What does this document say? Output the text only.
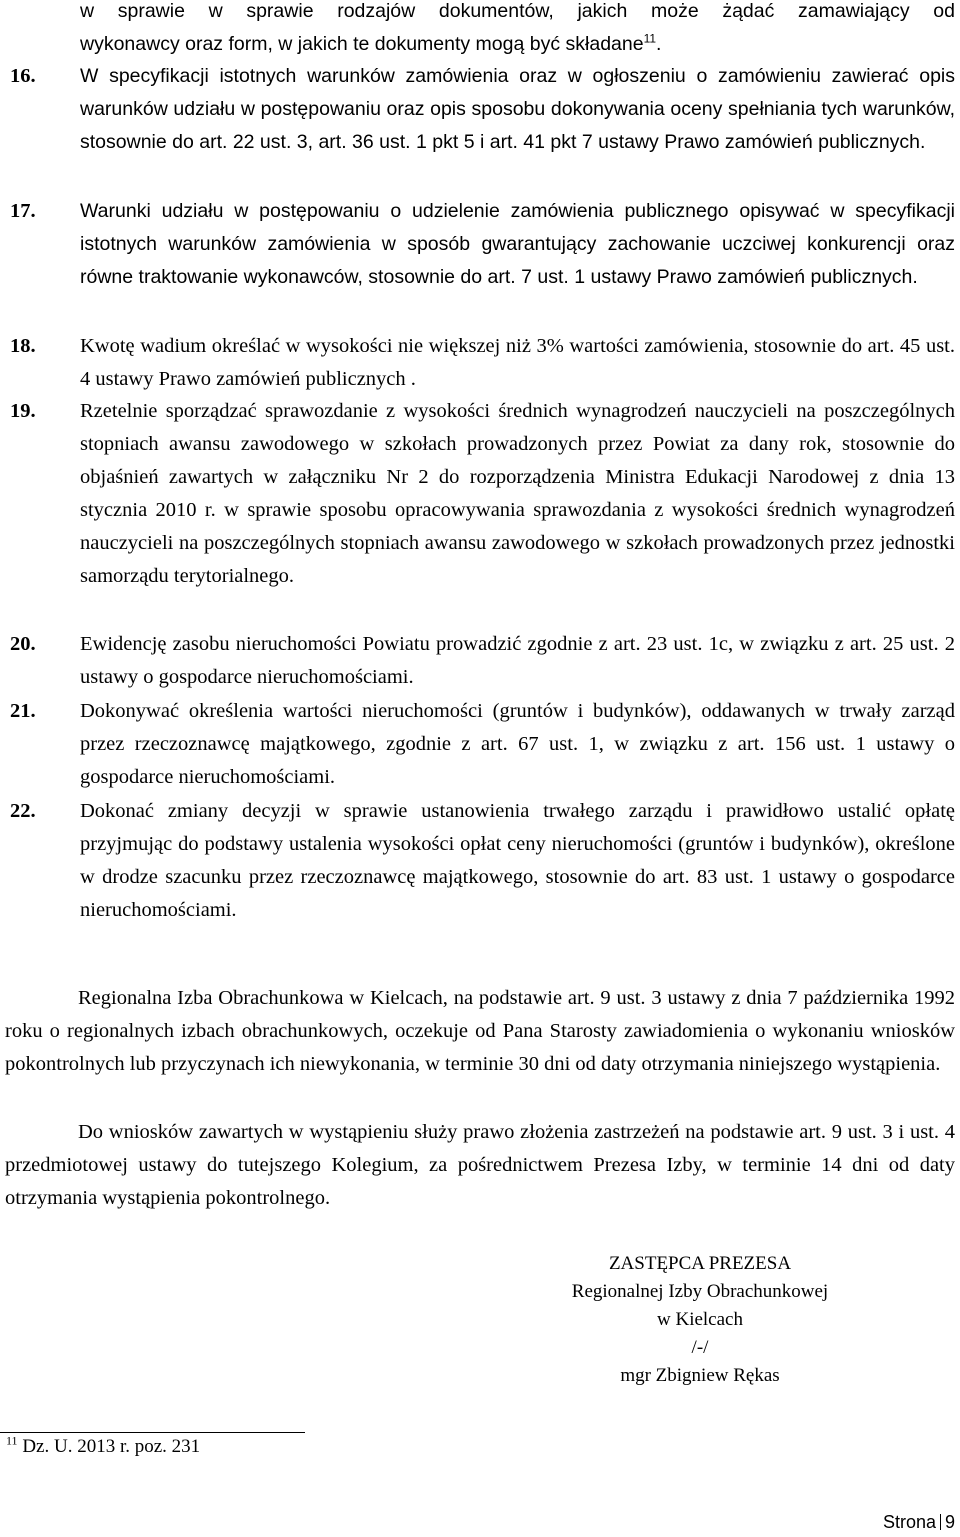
w sprawie w sprawie rodzajów dokumentów, jakich może żądać zamawiający od
wykonawcy oraz form, w jakich te dokumenty mogą być składane$^{11}$.
16. W specyfikacji istotnych warunków zamówienia oraz w ogłoszeniu o zamówieniu zawierać opis warunków udziału w postępowaniu oraz opis sposobu dokonywania oceny spełniania tych warunków, stosownie do art. 22 ust. 3, art. 36 ust. 1 pkt 5 i art. 41 pkt 7 ustawy Prawo zamówień publicznych.
17. Warunki udziału w postępowaniu o udzielenie zamówienia publicznego opisywać w specyfikacji istotnych warunków zamówienia w sposób gwarantujący zachowanie uczciwej konkurencji oraz równe traktowanie wykonawców, stosownie do art. 7 ust. 1 ustawy Prawo zamówień publicznych.
18. Kwotę wadium określać w wysokości nie większej niż 3% wartości zamówienia, stosownie do art. 45 ust. 4 ustawy Prawo zamówień publicznych .
19. Rzetelnie sporządzać sprawozdanie z wysokości średnich wynagrodzeń nauczycieli na poszczególnych stopniach awansu zawodowego w szkołach prowadzonych przez Powiat za dany rok, stosownie do objaśnień zawartych w załączniku Nr 2 do rozporządzenia Ministra Edukacji Narodowej z dnia 13 stycznia 2010 r. w sprawie sposobu opracowywania sprawozdania z wysokości średnich wynagrodzeń nauczycieli na poszczególnych stopniach awansu zawodowego w szkołach prowadzonych przez jednostki samorządu terytorialnego.
20. Ewidencję zasobu nieruchomości Powiatu prowadzić zgodnie z art. 23 ust. 1c, w związku z art. 25 ust. 2 ustawy o gospodarce nieruchomościami.
21. Dokonywać określenia wartości nieruchomości (gruntów i budynków), oddawanych w trwały zarząd przez rzeczoznawcę majątkowego, zgodnie z art. 67 ust. 1, w związku z art. 156 ust. 1 ustawy o gospodarce nieruchomościami.
22. Dokonać zmiany decyzji w sprawie ustanowienia trwałego zarządu i prawidłowo ustalić opłatę przyjmując do podstawy ustalenia wysokości opłat ceny nieruchomości (gruntów i budynków), określone w drodze szacunku przez rzeczoznawcę majątkowego, stosownie do art. 83 ust. 1 ustawy o gospodarce nieruchomościami.
Regionalna Izba Obrachunkowa w Kielcach, na podstawie art. 9 ust. 3 ustawy z dnia 7 października 1992 roku o regionalnych izbach obrachunkowych, oczekuje od Pana Starosty zawiadomienia o wykonaniu wniosków pokontrolnych lub przyczynach ich niewykonania, w terminie 30 dni od daty otrzymania niniejszego wystąpienia.
Do wniosków zawartych w wystąpieniu służy prawo złożenia zastrzeżeń na podstawie art. 9 ust. 3 i ust. 4 przedmiotowej ustawy do tutejszego Kolegium, za pośrednictwem Prezesa Izby, w terminie 14 dni od daty otrzymania wystąpienia pokontrolnego.
ZASTĘPCA PREZESA
Regionalnej Izby Obrachunkowej
w Kielcach
/-/
mgr Zbigniew Rękas
$^{11}$ Dz. U. 2013 r. poz. 231
Strona 9
